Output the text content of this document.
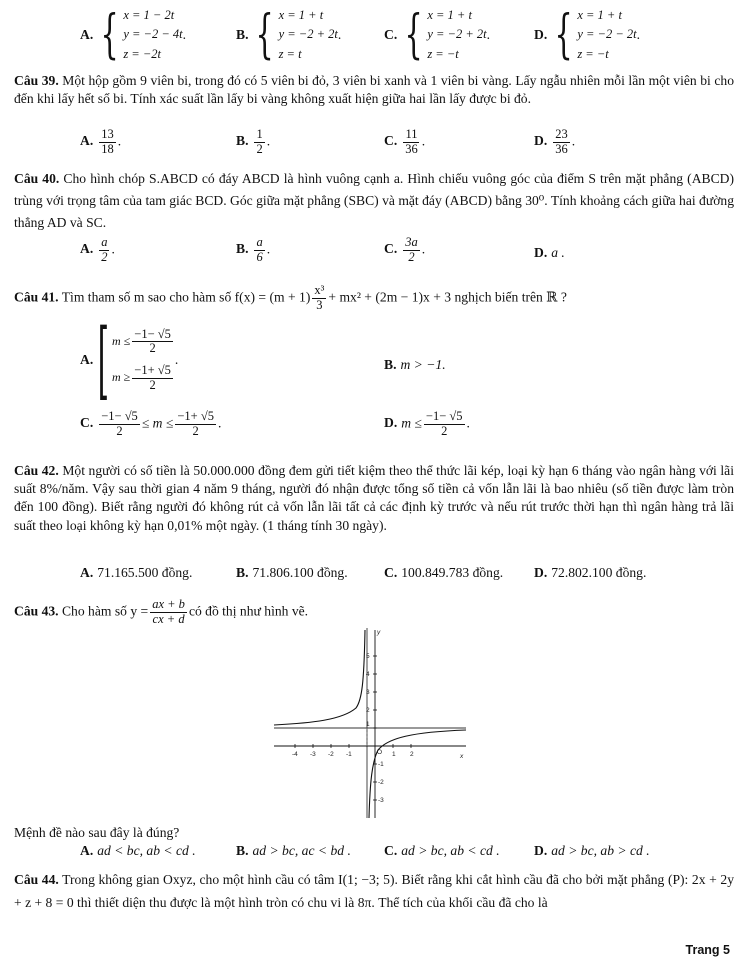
A. { x = 1 − 2t
y = −2 − 4t
z = −2t
.	B. { x = 1 + t
y = −2 + 2t
z = t
.	C. { x = 1 + t
y = −2 + 2t
z = −t
.	D. { x = 1 + t
y = −2 − 2t
z = −t
.
Câu 39. Một hộp gồm 9 viên bi, trong đó có 5 viên bi đỏ, 3 viên bi xanh và 1 viên bi vàng. Lấy ngẫu nhiên mỗi lần một viên bi cho đến khi lấy hết số bi. Tính xác suất lần lấy bi vàng không xuất hiện giữa hai lần lấy được bi đỏ.
A. $\frac{13}{18}$ .	B. $\frac{1}{2}$ .	C. $\frac{11}{36}$ .	D. $\frac{23}{36}$ .
Câu 40. Cho hình chóp S.ABCD có đáy ABCD là hình vuông cạnh a. Hình chiếu vuông góc của điểm S trên mặt phẳng (ABCD) trùng với trọng tâm của tam giác BCD. Góc giữa mặt phẳng (SBC) và mặt đáy (ABCD) bằng 30⁰. Tính khoảng cách giữa hai đường thẳng AD và SC.
A. $\frac{a}{2}$ .	B. $\frac{a}{6}$ .	C. $\frac{3a}{2}$ .	D. a .
Câu 41. Tìm tham số m sao cho hàm số $f(x) = (m + 1) \frac{\text{x³}}{3} + mx^2 + (2m - 1)x + 3$ nghịch biến trên ℝ ?
A. [ $m \le \frac{-1- √5}{2}$
$m \ge \frac{-1+ √5}{2}$
.	B. m > −1.
C. $\frac{-1- √5}{2} \le m \le \frac{-1+ √5}{2}$ .	D. $m \le \frac{-1- √5}{2}$ .
Câu 42. Một người có số tiền là 50.000.000 đồng đem gửi tiết kiệm theo thể thức lãi kép, loại kỳ hạn 6 tháng vào ngân hàng với lãi suất 8%/năm. Vậy sau thời gian 4 năm 9 tháng, người đó nhận được tổng số tiền cả vốn lẫn lãi là bao nhiêu (số tiền được làm tròn đến 100 đồng). Biết rằng người đó không rút cả vốn lẫn lãi tất cả các định kỳ trước và nếu rút trước thời hạn thì ngân hàng trả lãi suất theo loại không kỳ hạn 0,01% một ngày. (1 tháng tính 30 ngày).
A. 71.165.500 đồng.	B. 71.806.100 đồng.	C. 100.849.783 đồng. D. 72.802.100 đồng.
Câu 43. Cho hàm số $y = \frac{ax + b}{cx + d}$ có đồ thị như hình vẽ.
-4 -3 -2 -1	1 2	x
y
O
5
4
3
2
1
-1
-2
-3
Mệnh đề nào sau đây là đúng?
A. ad < bc, ab < cd .	B. ad > bc, ac < bd . C. ad > bc, ab < cd .	D. ad > bc, ab > cd .
Câu 44. Trong không gian Oxyz, cho một hình cầu có tâm I(1; −3; 5). Biết rằng khi cắt hình cầu đã cho bởi mặt phẳng (P): 2x + 2y + z + 8 = 0 thì thiết diện thu được là một hình tròn có chu vi là 8π. Thể tích của khối cầu đã cho là
Trang 5
